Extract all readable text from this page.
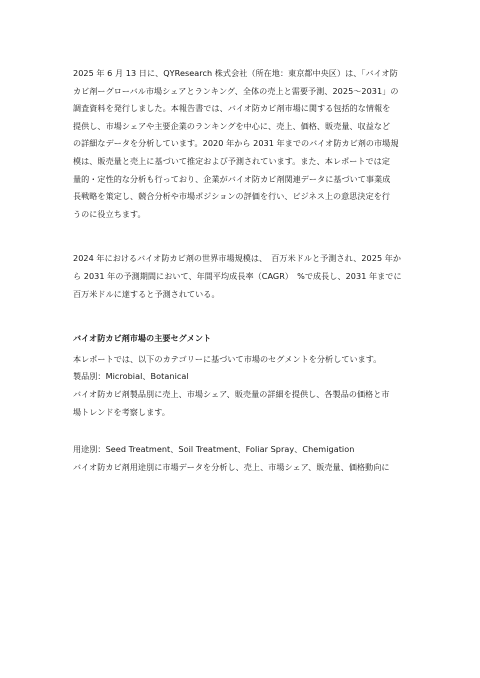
2025 年 6 月 13 日に、QYResearch 株式会社（所在地：東京都中央区）は、「バイオ防
カビ剤ーグローバル市場シェアとランキング、全体の売上と需要予測、2025〜2031」の
調査資料を発行しました。本報告書では、バイオ防カビ剤市場に関する包括的な情報を
提供し、市場シェアや主要企業のランキングを中心に、売上、価格、販売量、収益など
の詳細なデータを分析しています。2020 年から 2031 年までのバイオ防カビ剤の市場規
模は、販売量と売上に基づいて推定および予測されています。また、本レポートでは定
量的・定性的な分析も行っており、企業がバイオ防カビ剤関連データに基づいて事業成
長戦略を策定し、競合分析や市場ポジションの評価を行い、ビジネス上の意思決定を行
うのに役立ちます。
2024 年におけるバイオ防カビ剤の世界市場規模は、　百万米ドルと予測され、2025 年か
ら 2031 年の予測期間において、年間平均成長率（CAGR）　%で成長し、2031 年までに
百万米ドルに達すると予測されている。
バイオ防カビ剤市場の主要セグメント
本レポートでは、以下のカテゴリーに基づいて市場のセグメントを分析しています。
製品別：Microbial、Botanical
バイオ防カビ剤製品別に売上、市場シェア、販売量の詳細を提供し、各製品の価格と市
場トレンドを考察します。
用途別：Seed Treatment、Soil Treatment、Foliar Spray、Chemigation
バイオ防カビ剤用途別に市場データを分析し、売上、市場シェア、販売量、価格動向に
